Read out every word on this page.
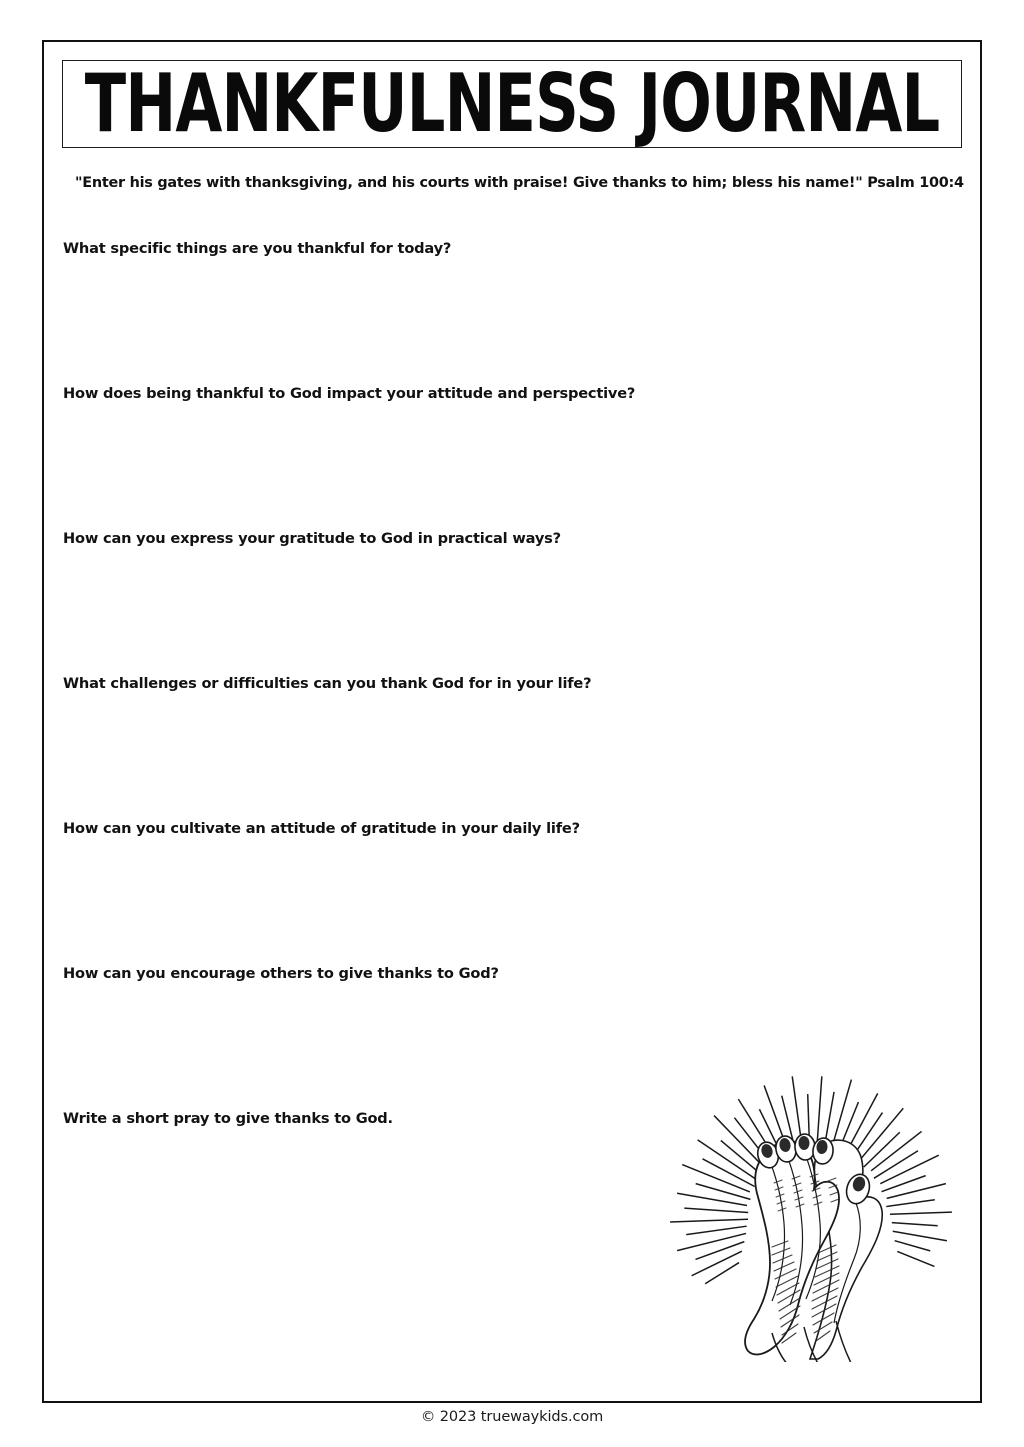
THANKFULNESS JOURNAL
"Enter his gates with thanksgiving, and his courts with praise! Give thanks to him; bless his name!" Psalm 100:4
What specific things are you thankful for today?
How does being thankful to God impact your attitude and perspective?
How can you express your gratitude to God in practical ways?
What challenges or difficulties can you thank God for in your life?
How can you cultivate an attitude of gratitude in your daily life?
How can you encourage others to give thanks to God?
Write a short pray to give thanks to God.
© 2023 truewaykids.com
